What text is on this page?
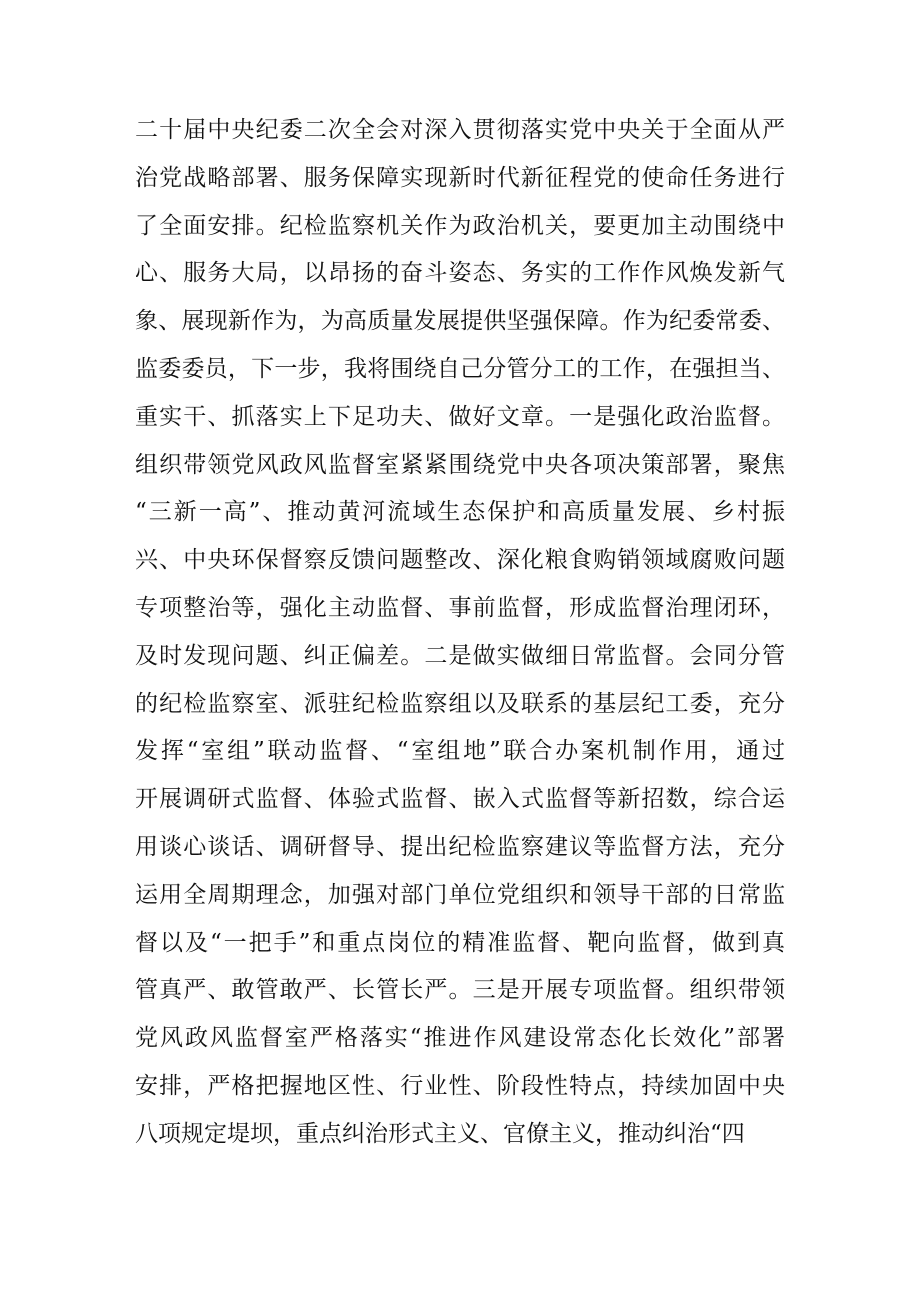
二十届中央纪委二次全会对深入贯彻落实党中央关于全面从严
治党战略部署、服务保障实现新时代新征程党的使命任务进行
了全面安排。纪检监察机关作为政治机关，要更加主动围绕中
心、服务大局，以昂扬的奋斗姿态、务实的工作作风焕发新气
象、展现新作为，为高质量发展提供坚强保障。作为纪委常委、
监委委员，下一步，我将围绕自己分管分工的工作，在强担当、
重实干、抓落实上下足功夫、做好文章。一是强化政治监督。
组织带领党风政风监督室紧紧围绕党中央各项决策部署，聚焦
“三新一高”、推动黄河流域生态保护和高质量发展、乡村振
兴、中央环保督察反馈问题整改、深化粮食购销领域腐败问题
专项整治等，强化主动监督、事前监督，形成监督治理闭环，
及时发现问题、纠正偏差。二是做实做细日常监督。会同分管
的纪检监察室、派驻纪检监察组以及联系的基层纪工委，充分
发挥“室组”联动监督、“室组地”联合办案机制作用，通过
开展调研式监督、体验式监督、嵌入式监督等新招数，综合运
用谈心谈话、调研督导、提出纪检监察建议等监督方法，充分
运用全周期理念，加强对部门单位党组织和领导干部的日常监
督以及“一把手”和重点岗位的精准监督、靶向监督，做到真
管真严、敢管敢严、长管长严。三是开展专项监督。组织带领
党风政风监督室严格落实“推进作风建设常态化长效化”部署
安排，严格把握地区性、行业性、阶段性特点，持续加固中央
八项规定堤坝，重点纠治形式主义、官僚主义，推动纠治“四
